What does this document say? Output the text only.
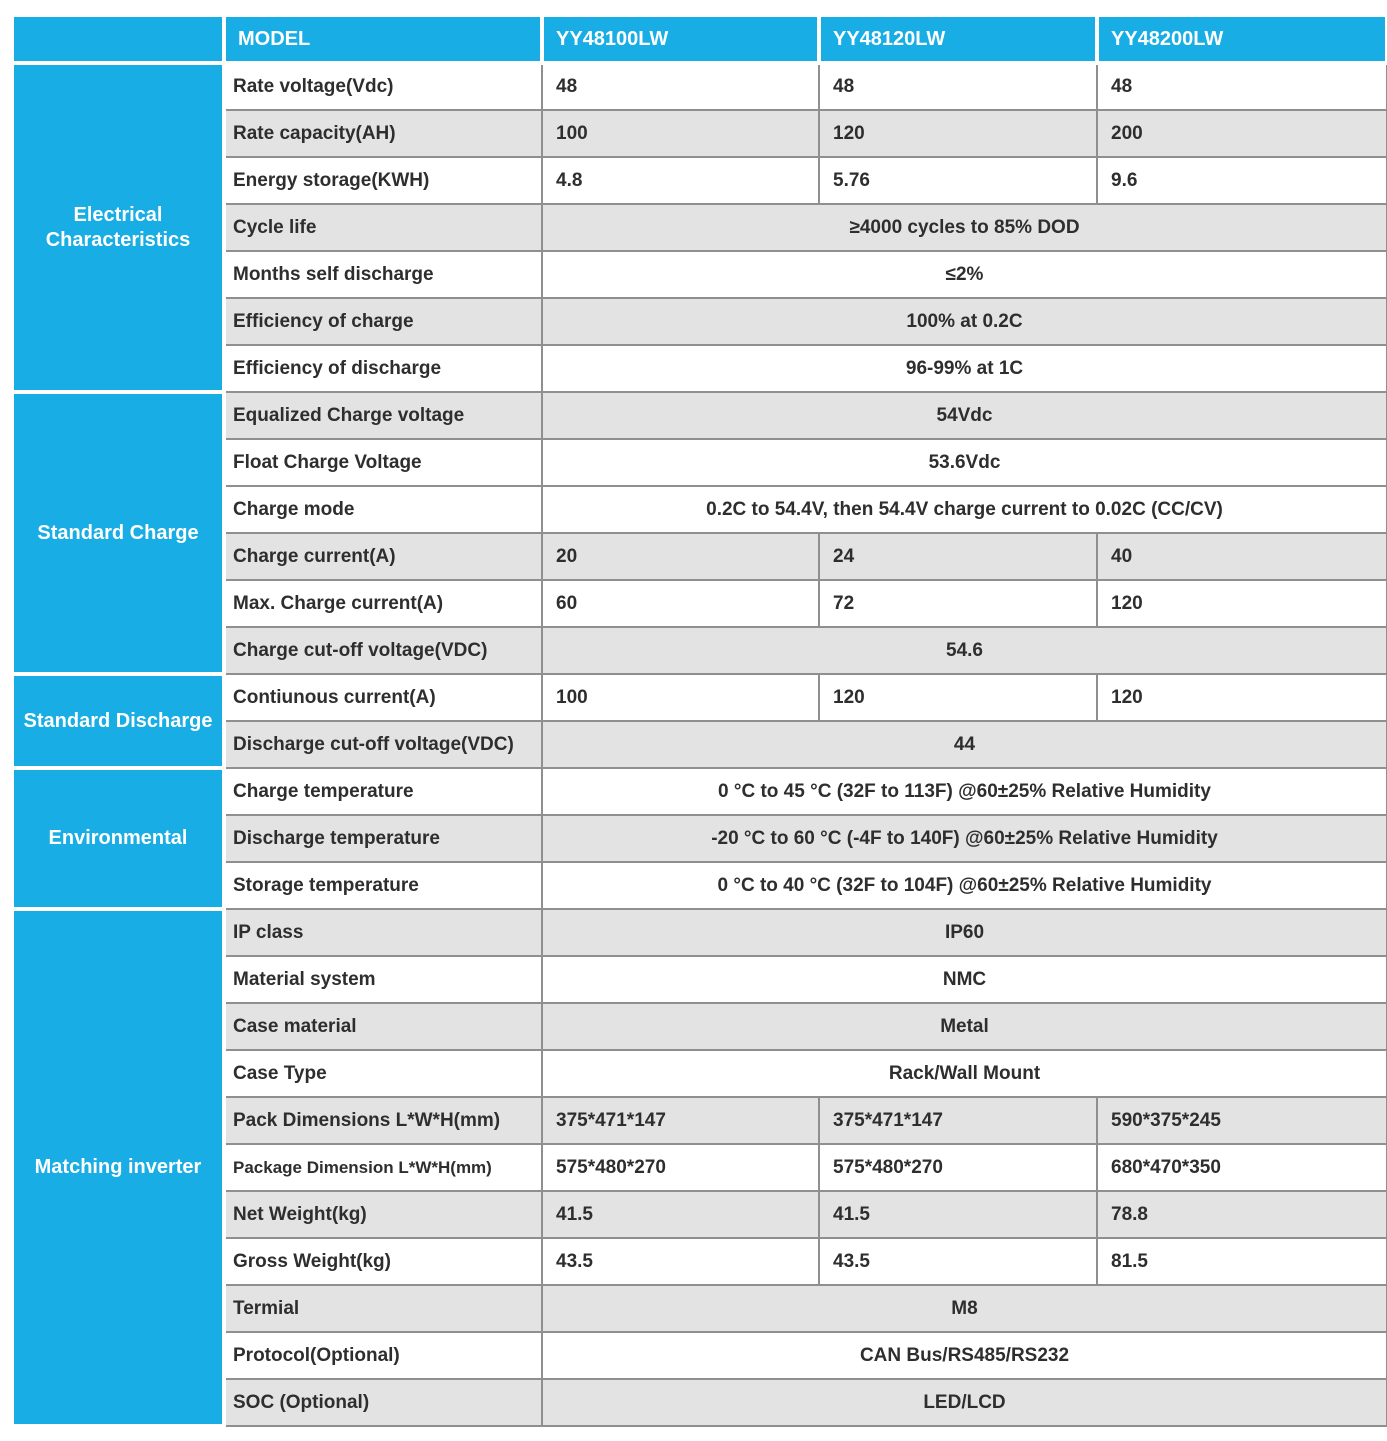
	MODEL	YY48100LW	YY48120LW	YY48200LW
Electrical Characteristics	Rate voltage(Vdc)	48	48	48
	Rate capacity(AH)	100	120	200
	Energy storage(KWH)	4.8	5.76	9.6
	Cycle life	≥4000 cycles to 85% DOD		
	Months self discharge	≤2%		
	Efficiency of charge	100% at 0.2C		
	Efficiency of discharge	96-99% at 1C		
Standard Charge	Equalized Charge voltage	54Vdc		
	Float Charge Voltage	53.6Vdc		
	Charge mode	0.2C to 54.4V, then 54.4V charge current to 0.02C (CC/CV)		
	Charge current(A)	20	24	40
	Max. Charge current(A)	60	72	120
	Charge cut-off voltage(VDC)	54.6		
Standard Discharge	Contiunous current(A)	100	120	120
	Discharge cut-off voltage(VDC)	44		
Environmental	Charge temperature	0 °C to 45 °C (32F to 113F) @60±25% Relative Humidity		
	Discharge temperature	-20 °C to 60 °C (-4F to 140F) @60±25% Relative Humidity		
	Storage temperature	0 °C to 40 °C (32F to 104F) @60±25% Relative Humidity		
Matching inverter	IP class	IP60		
	Material system	NMC		
	Case material	Metal		
	Case Type	Rack/Wall Mount		
	Pack Dimensions L*W*H(mm)	375*471*147	375*471*147	590*375*245
	Package Dimension L*W*H(mm)	575*480*270	575*480*270	680*470*350
	Net Weight(kg)	41.5	41.5	78.8
	Gross Weight(kg)	43.5	43.5	81.5
	Termial	M8		
	Protocol(Optional)	CAN Bus/RS485/RS232		
	SOC (Optional)	LED/LCD		
